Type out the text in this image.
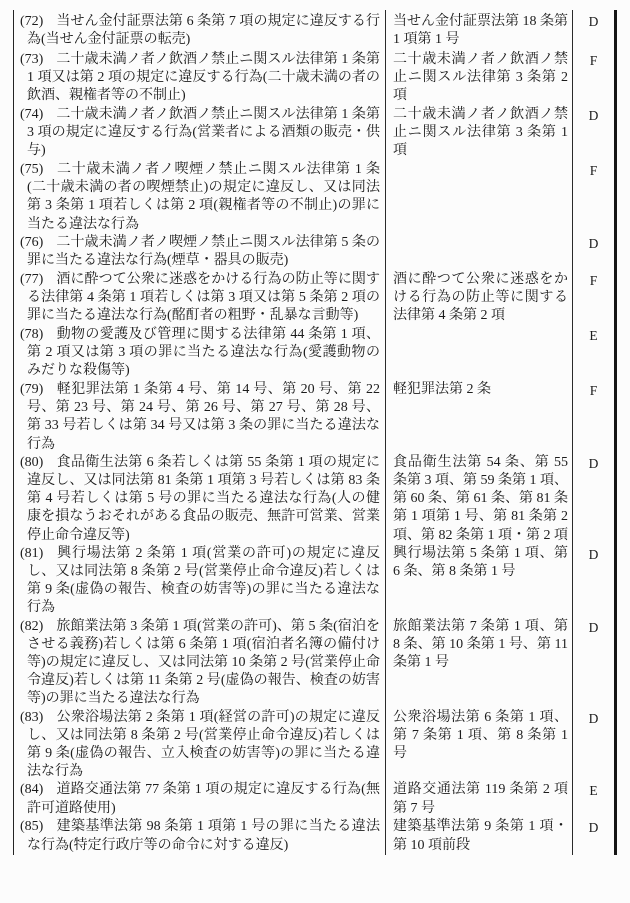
(72) 当せん金付証票法第 6 条第 7 項の規定に違反する行為(当せん金付証票の転売)	当せん金付証票法第 18 条第 1 項第 1 号	D

(73) 二十歳未満ノ者ノ飲酒ノ禁止ニ関スル法律第 1 条第 1 項又は第 2 項の規定に違反する行為(二十歳未満の者の飲酒、親権者等の不制止)	二十歳未満ノ者ノ飲酒ノ禁止ニ関スル法律第 3 条第 2 項	F

(74) 二十歳未満ノ者ノ飲酒ノ禁止ニ関スル法律第 1 条第 3 項の規定に違反する行為(営業者による酒類の販売・供与)	二十歳未満ノ者ノ飲酒ノ禁止ニ関スル法律第 3 条第 1 項	D

(75) 二十歳未満ノ者ノ喫煙ノ禁止ニ関スル法律第 1 条(二十歳未満の者の喫煙禁止)の規定に違反し、又は同法第 3 条第 1 項若しくは第 2 項(親権者等の不制止)の罪に当たる違法な行為		F

(76) 二十歳未満ノ者ノ喫煙ノ禁止ニ関スル法律第 5 条の罪に当たる違法な行為(煙草・器具の販売)		D

(77) 酒に酔つて公衆に迷惑をかける行為の防止等に関する法律第 4 条第 1 項若しくは第 3 項又は第 5 条第 2 項の罪に当たる違法な行為(酩酊者の粗野・乱暴な言動等)	酒に酔つて公衆に迷惑をかける行為の防止等に関する法律第 4 条第 2 項	F

(78) 動物の愛護及び管理に関する法律第 44 条第 1 項、第 2 項又は第 3 項の罪に当たる違法な行為(愛護動物のみだりな殺傷等)		E

(79) 軽犯罪法第 1 条第 4 号、第 14 号、第 20 号、第 22 号、第 23 号、第 24 号、第 26 号、第 27 号、第 28 号、第 33 号若しくは第 34 号又は第 3 条の罪に当たる違法な行為	軽犯罪法第 2 条	F

(80) 食品衛生法第 6 条若しくは第 55 条第 1 項の規定に違反し、又は同法第 81 条第 1 項第 3 号若しくは第 83 条第 4 号若しくは第 5 号の罪に当たる違法な行為(人の健康を損なうおそれがある食品の販売、無許可営業、営業停止命令違反等)	食品衛生法第 54 条、第 55 条第 3 項、第 59 条第 1 項、第 60 条、第 61 条、第 81 条第 1 項第 1 号、第 81 条第 2 項、第 82 条第 1 項・第 2 項	D

(81) 興行場法第 2 条第 1 項(営業の許可)の規定に違反し、又は同法第 8 条第 2 号(営業停止命令違反)若しくは第 9 条(虚偽の報告、検査の妨害等)の罪に当たる違法な行為	興行場法第 5 条第 1 項、第 6 条、第 8 条第 1 号	D

(82) 旅館業法第 3 条第 1 項(営業の許可)、第 5 条(宿泊をさせる義務)若しくは第 6 条第 1 項(宿泊者名簿の備付け等)の規定に違反し、又は同法第 10 条第 2 号(営業停止命令違反)若しくは第 11 条第 2 号(虚偽の報告、検査の妨害等)の罪に当たる違法な行為	旅館業法第 7 条第 1 項、第 8 条、第 10 条第 1 号、第 11 条第 1 号	D

(83) 公衆浴場法第 2 条第 1 項(経営の許可)の規定に違反し、又は同法第 8 条第 2 号(営業停止命令違反)若しくは第 9 条(虚偽の報告、立入検査の妨害等)の罪に当たる違法な行為	公衆浴場法第 6 条第 1 項、第 7 条第 1 項、第 8 条第 1 号	D

(84) 道路交通法第 77 条第 1 項の規定に違反する行為(無許可道路使用)	道路交通法第 119 条第 2 項第 7 号	E

(85) 建築基準法第 98 条第 1 項第 1 号の罪に当たる違法な行為(特定行政庁等の命令に対する違反)	建築基準法第 9 条第 1 項・第 10 項前段	D
